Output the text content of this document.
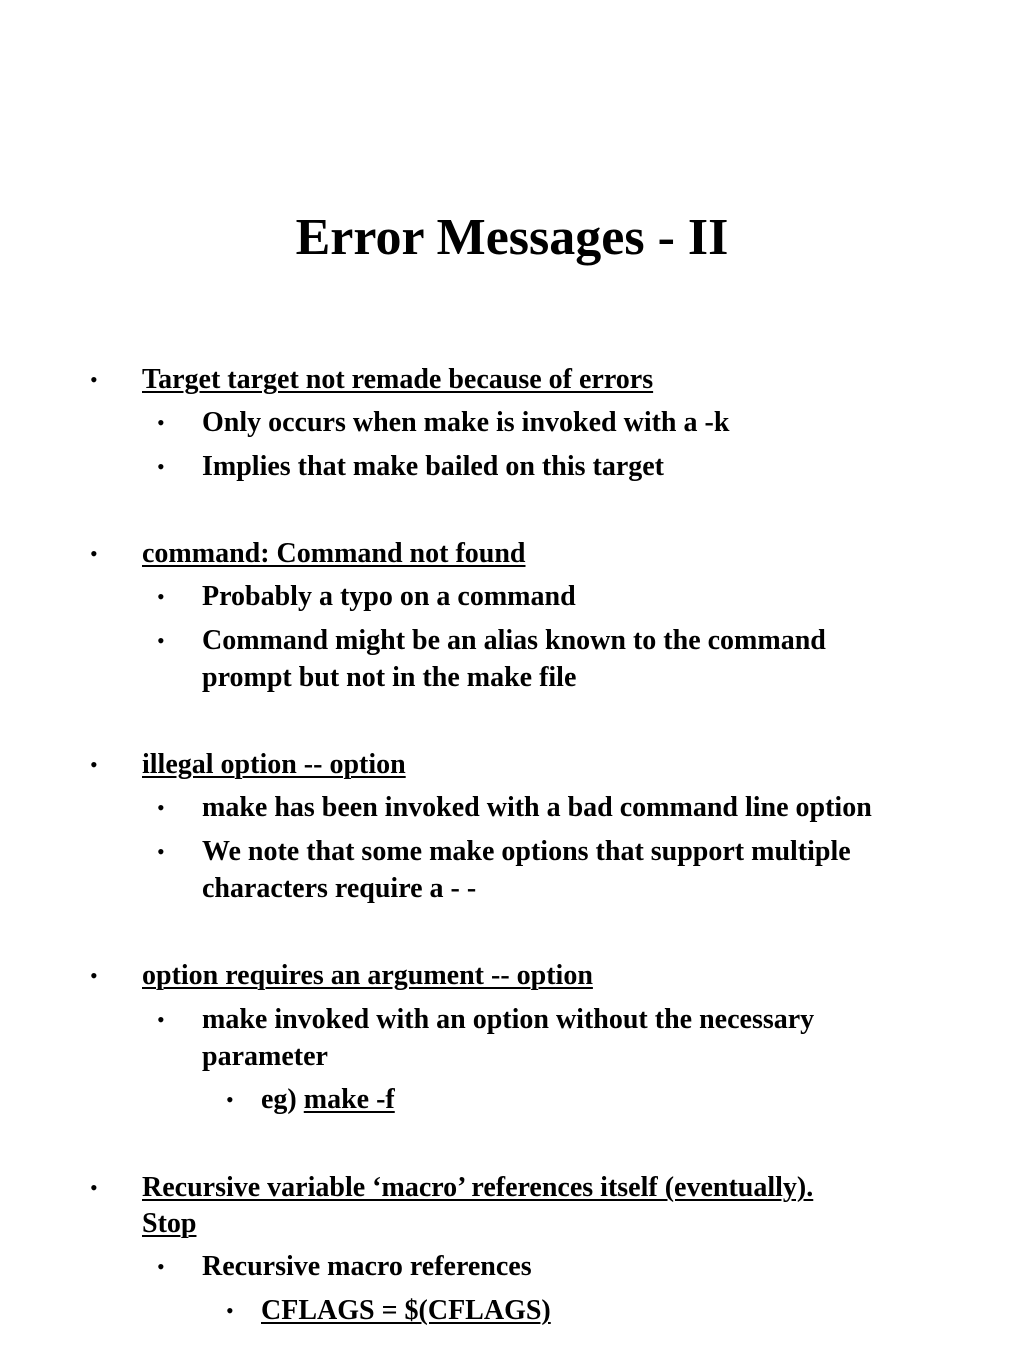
Error Messages - II
• Target target not remade because of errors
• Only occurs when make is invoked with a -k
• Implies that make bailed on this target
• command: Command not found
• Probably a typo on a command
• Command might be an alias known to the command
prompt but not in the make file
• illegal option -- option
• make has been invoked with a bad command line option
• We note that some make options that support multiple
characters require a - -
• option requires an argument -- option
• make invoked with an option without the necessary
parameter
• eg) make -f
• Recursive variable ‘macro’ references itself (eventually).
Stop
• Recursive macro references
• CFLAGS = $(CFLAGS)
